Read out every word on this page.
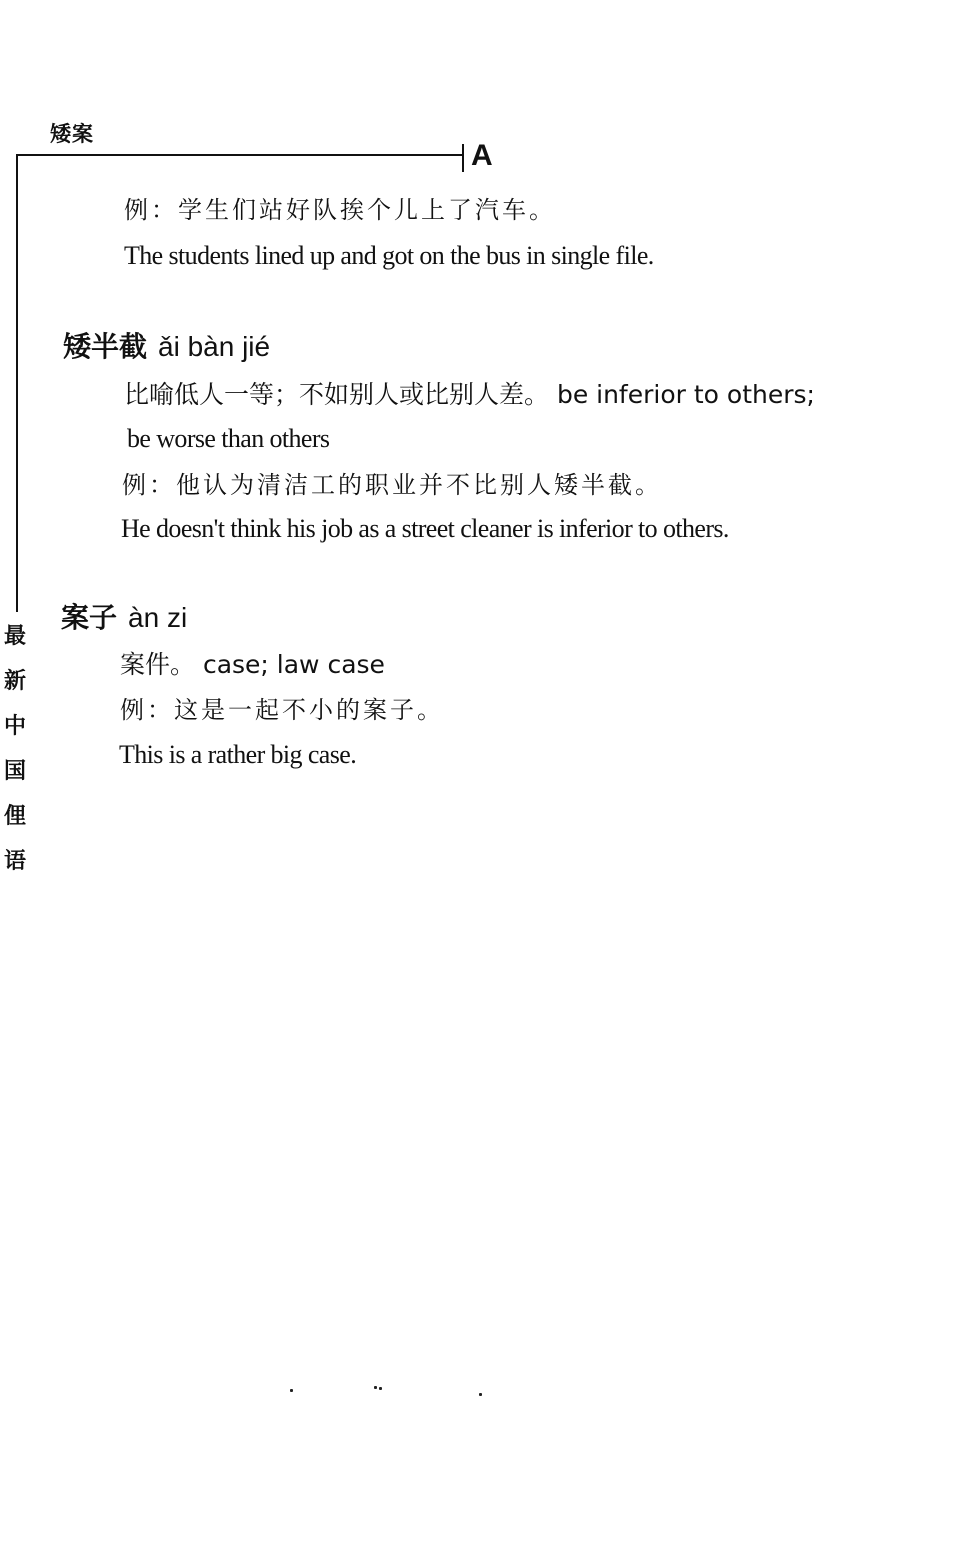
矮案
A
最
新
中
国
俚
语
例：学生们站好队挨个儿上了汽车。
The students lined up and got on the bus in single file.
矮半截 ǎi bàn jié
比喻低人一等；不如别人或比别人差。 be inferior to others;
be worse than others
例：他认为清洁工的职业并不比别人矮半截。
He doesn't think his job as a street cleaner is inferior to others.
案子 àn zi
案件。 case; law case
例：这是一起不小的案子。
This is a rather big case.
